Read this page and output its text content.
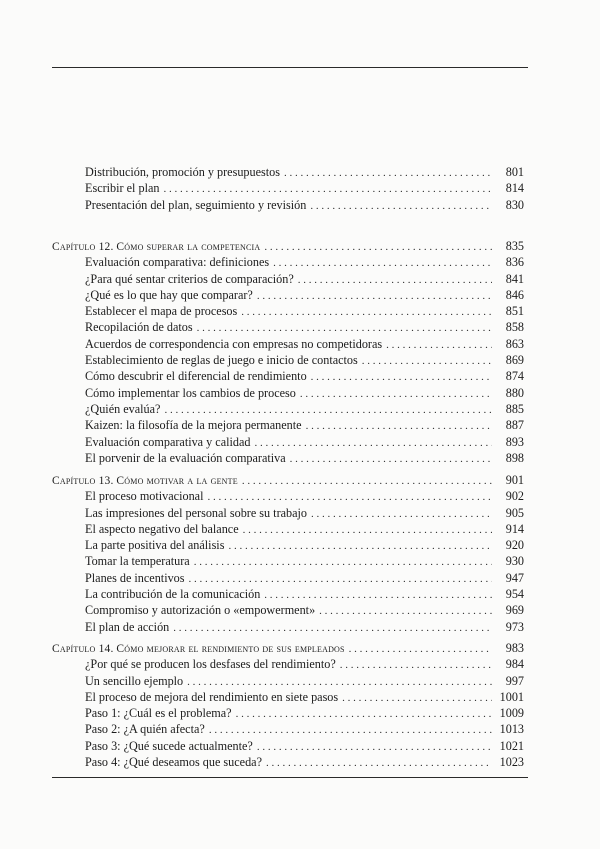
Distribución, promoción y presupuestos . . .	801
Escribir el plan . . .	814
Presentación del plan, seguimiento y revisión . . .	830
Capítulo 12. Cómo superar la competencia . . .	835
Evaluación comparativa: definiciones . . .	836
¿Para qué sentar criterios de comparación? . . .	841
¿Qué es lo que hay que comparar? . . .	846
Establecer el mapa de procesos . . .	851
Recopilación de datos . . .	858
Acuerdos de correspondencia con empresas no competidoras . . .	863
Establecimiento de reglas de juego e inicio de contactos . . .	869
Cómo descubrir el diferencial de rendimiento . . .	874
Cómo implementar los cambios de proceso . . .	880
¿Quién evalúa? . . .	885
Kaizen: la filosofía de la mejora permanente . . .	887
Evaluación comparativa y calidad . . .	893
El porvenir de la evaluación comparativa . . .	898
Capítulo 13. Cómo motivar a la gente . . .	901
El proceso motivacional . . .	902
Las impresiones del personal sobre su trabajo . . .	905
El aspecto negativo del balance . . .	914
La parte positiva del análisis . . .	920
Tomar la temperatura . . .	930
Planes de incentivos . . .	947
La contribución de la comunicación . . .	954
Compromiso y autorización o «empowerment» . . .	969
El plan de acción . . .	973
Capítulo 14. Cómo mejorar el rendimiento de sus empleados . . .	983
¿Por qué se producen los desfases del rendimiento? . . .	984
Un sencillo ejemplo . . .	997
El proceso de mejora del rendimiento en siete pasos . . .	1001
Paso 1: ¿Cuál es el problema? . . .	1009
Paso 2: ¿A quién afecta? . . .	1013
Paso 3: ¿Qué sucede actualmente? . . .	1021
Paso 4: ¿Qué deseamos que suceda? . . .	1023
